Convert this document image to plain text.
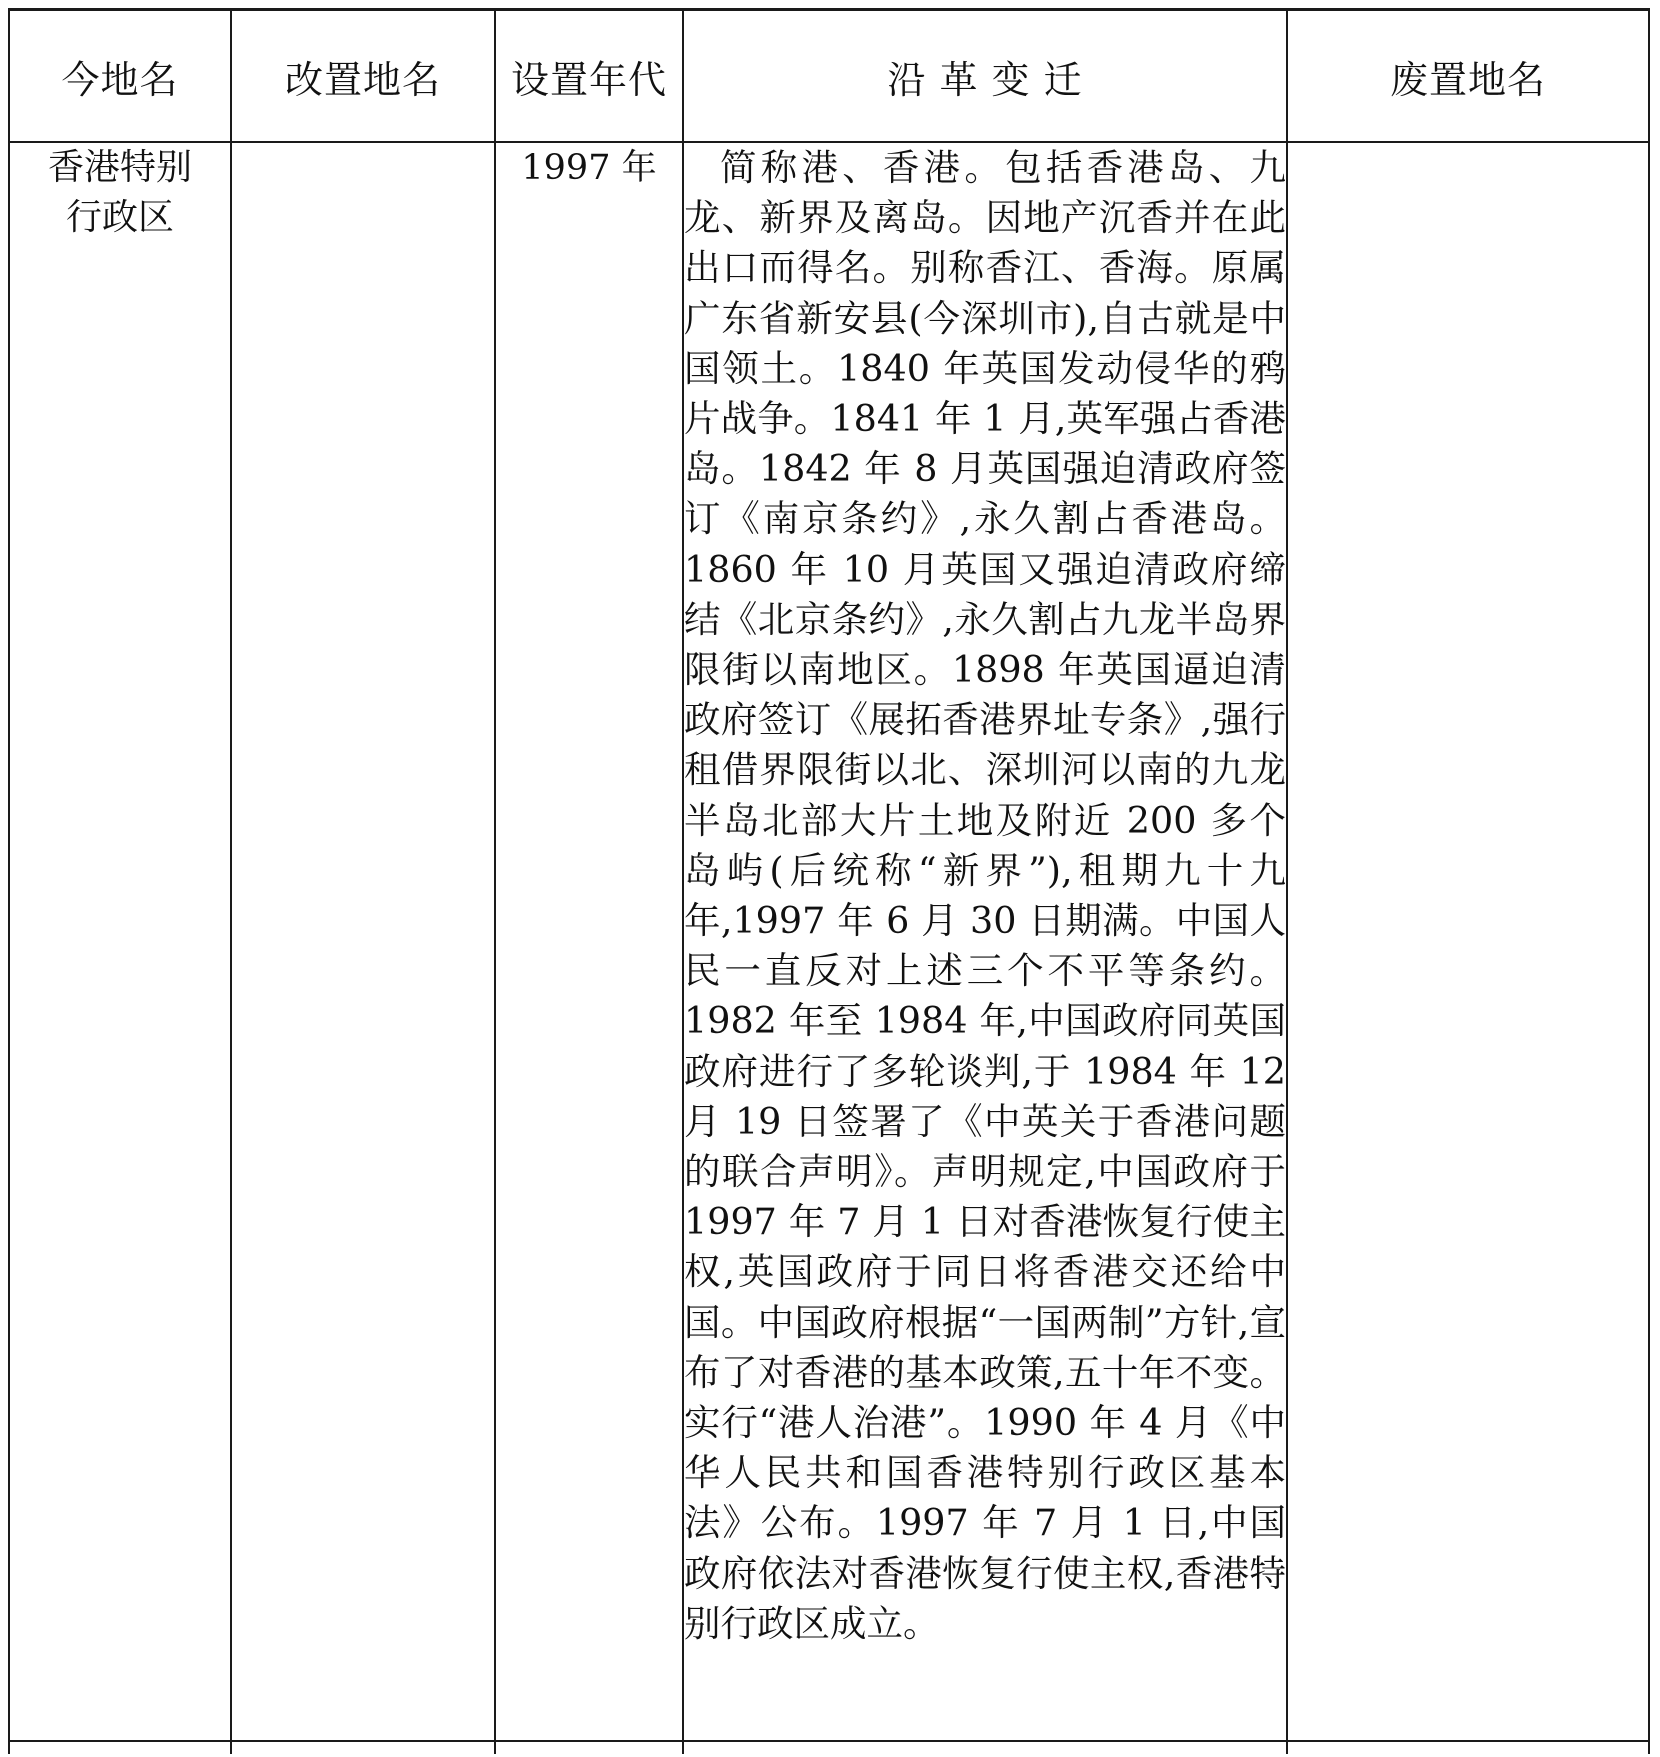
今地名	改置地名	设置年代	沿 革 变 迁	废置地名

香港特别
行政区		1997 年	简称港、香港。包括香港岛、九龙、新界及离岛。因地产沉香并在此出口而得名。别称香江、香海。原属广东省新安县(今深圳市),自古就是中国领土。1840 年英国发动侵华的鸦片战争。1841 年 1 月,英军强占香港岛。1842 年 8 月英国强迫清政府签订《南京条约》,永久割占香港岛。1860 年 10 月英国又强迫清政府缔结《北京条约》,永久割占九龙半岛界限街以南地区。1898 年英国逼迫清政府签订《展拓香港界址专条》,强行租借界限街以北、深圳河以南的九龙半岛北部大片土地及附近 200 多个岛屿(后统称“新界”),租期九十九年,1997 年 6 月 30 日期满。中国人民一直反对上述三个不平等条约。1982 年至 1984 年,中国政府同英国政府进行了多轮谈判,于 1984 年 12 月 19 日签署了《中英关于香港问题的联合声明》。声明规定,中国政府于 1997 年 7 月 1 日对香港恢复行使主权,英国政府于同日将香港交还给中国。中国政府根据“一国两制”方针,宣布了对香港的基本政策,五十年不变。实行“港人治港”。1990 年 4 月《中华人民共和国香港特别行政区基本法》公布。1997 年 7 月 1 日,中国政府依法对香港恢复行使主权,香港特别行政区成立。	
